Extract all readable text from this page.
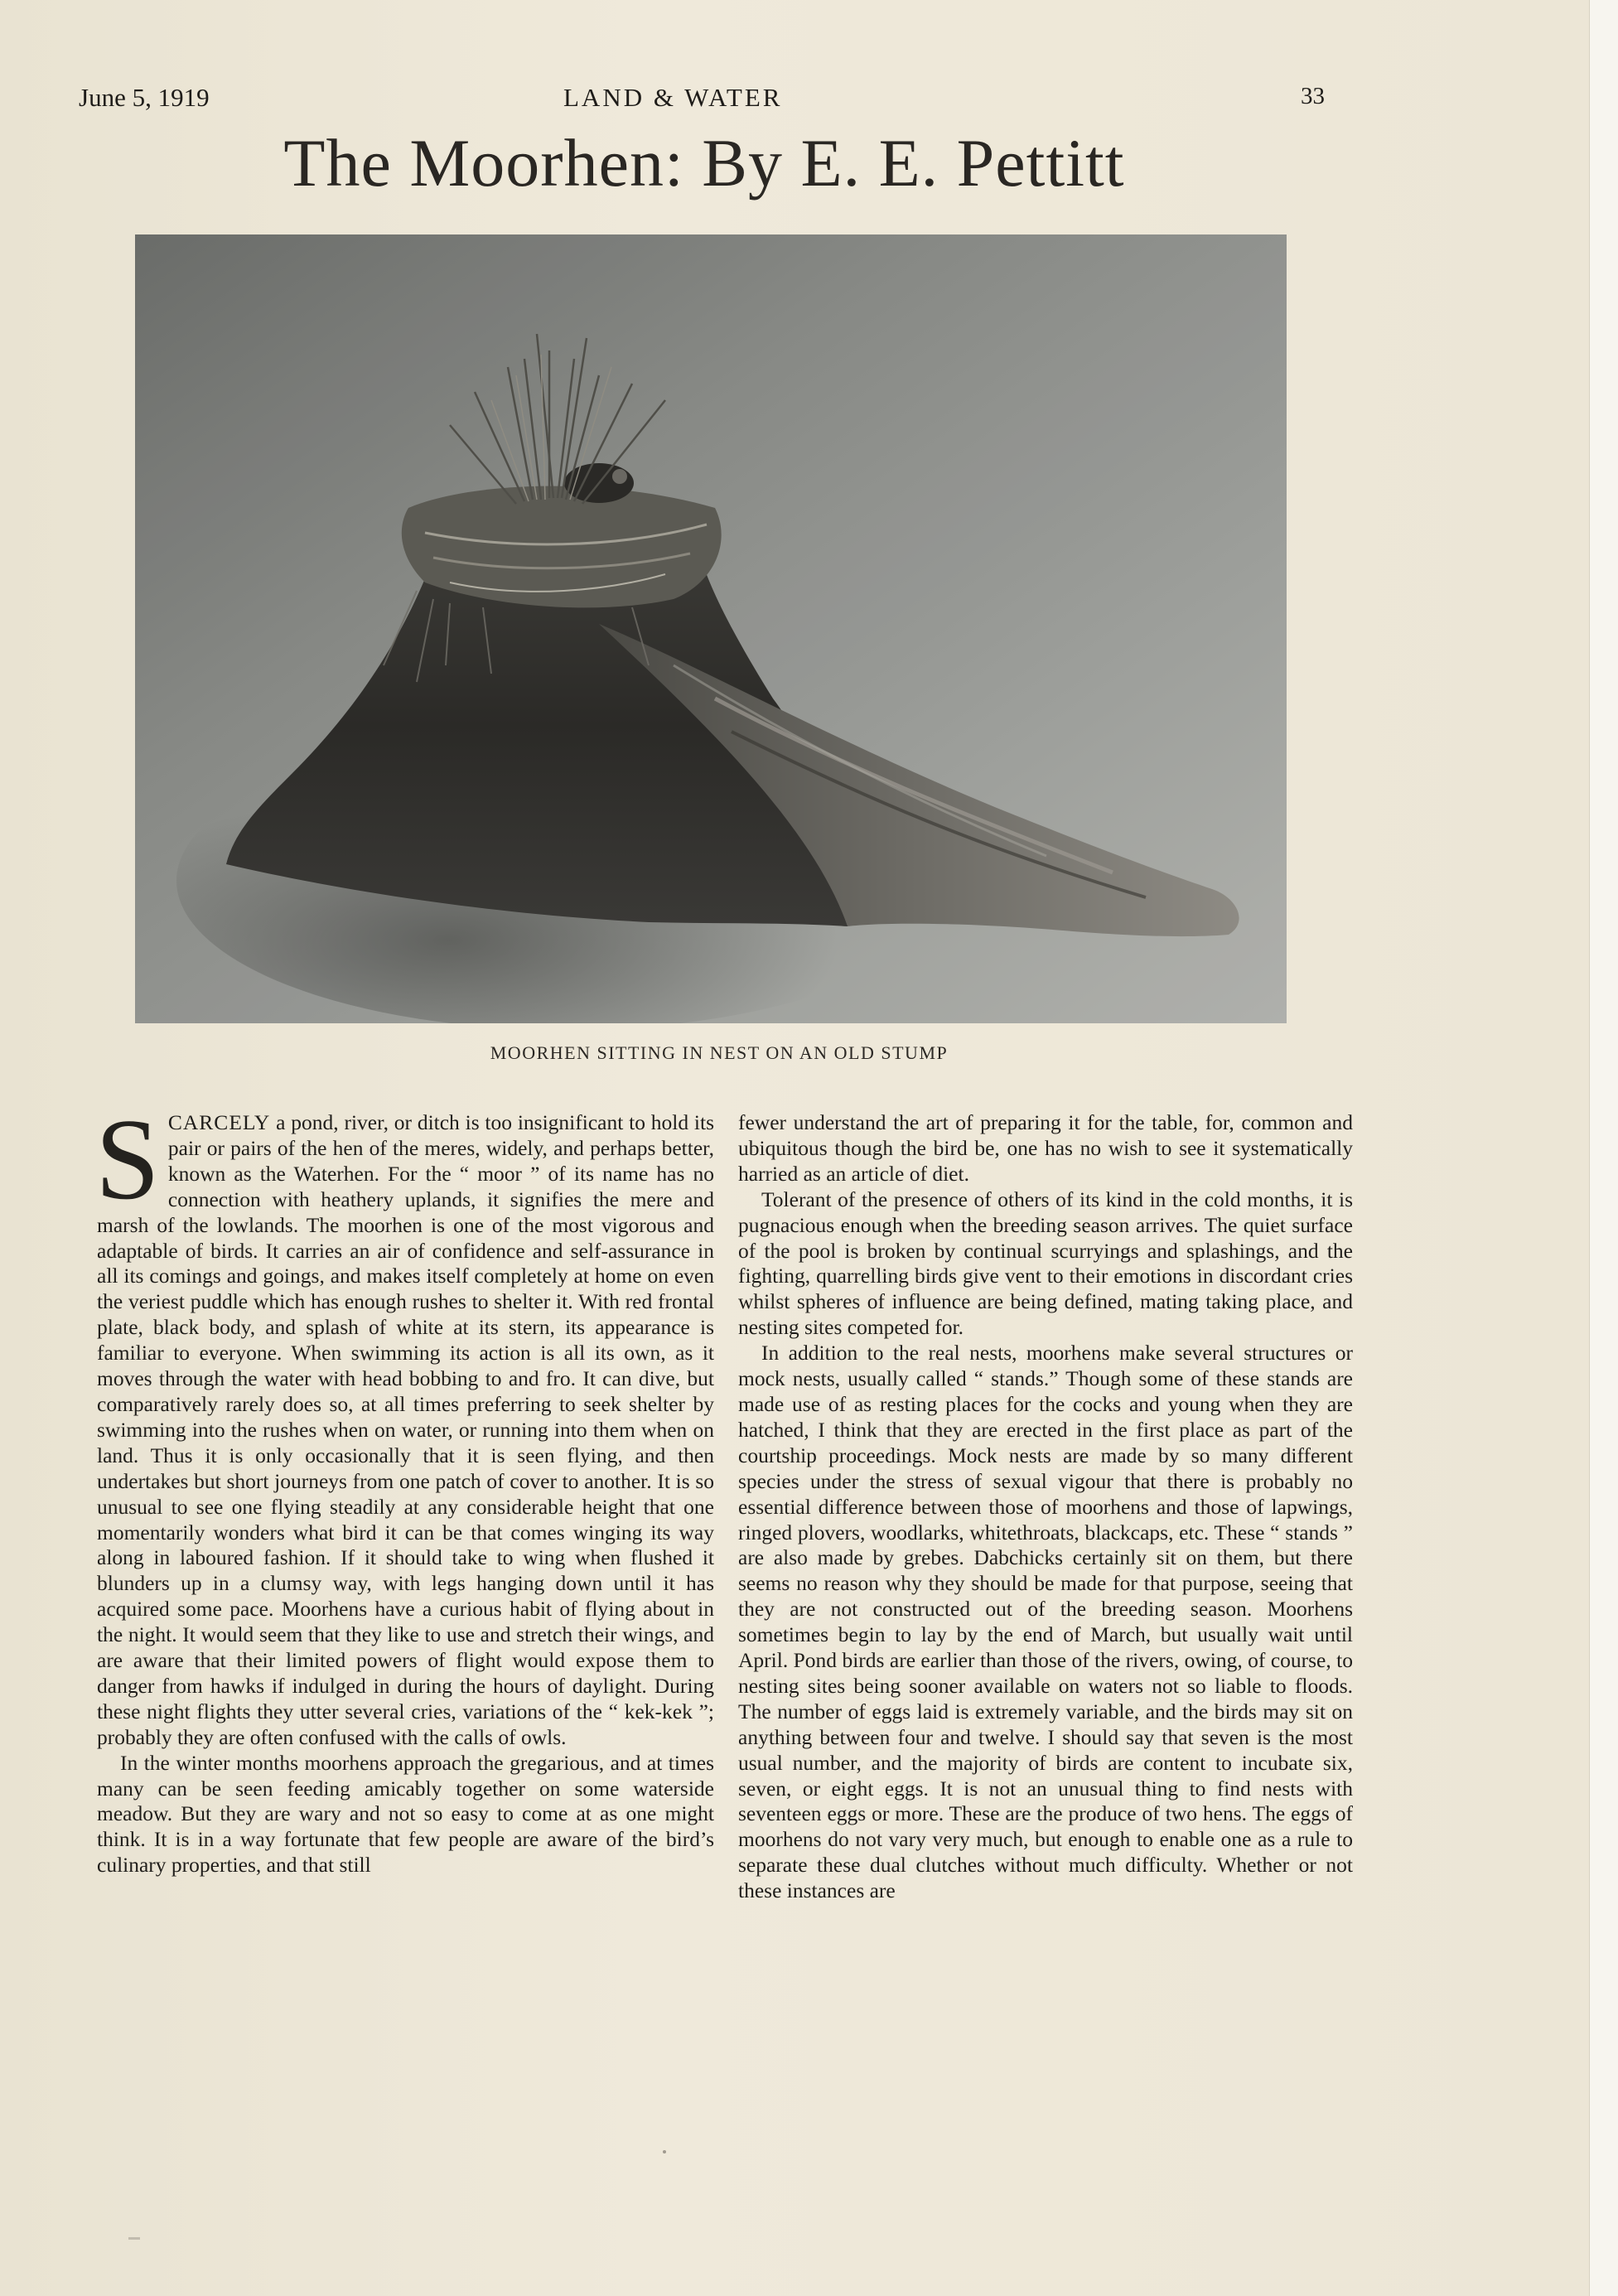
June 5, 1919	LAND & WATER	33
The Moorhen: By E. E. Pettitt
MOORHEN SITTING IN NEST ON AN OLD STUMP

SCARCELY a pond, river, or ditch is too insignificant to hold its pair or pairs of the hen of the meres, widely, and perhaps better, known as the Waterhen. For the “ moor ” of its name has no connection with heathery uplands, it signifies the mere and marsh of the lowlands. The moorhen is one of the most vigorous and adaptable of birds. It carries an air of confidence and self-assurance in all its comings and goings, and makes itself completely at home on even the veriest puddle which has enough rushes to shelter it. With red frontal plate, black body, and splash of white at its stern, its appearance is familiar to everyone. When swimming its action is all its own, as it moves through the water with head bobbing to and fro. It can dive, but comparatively rarely does so, at all times preferring to seek shelter by swimming into the rushes when on water, or running into them when on land. Thus it is only occasionally that it is seen flying, and then undertakes but short journeys from one patch of cover to another. It is so unusual to see one flying steadily at any considerable height that one momentarily wonders what bird it can be that comes winging its way along in laboured fashion. If it should take to wing when flushed it blunders up in a clumsy way, with legs hanging down until it has acquired some pace. Moorhens have a curious habit of flying about in the night. It would seem that they like to use and stretch their wings, and are aware that their limited powers of flight would expose them to danger from hawks if indulged in during the hours of daylight. During these night flights they utter several cries, variations of the “ kek-kek ”; probably they are often confused with the calls of owls.

In the winter months moorhens approach the gregarious, and at times many can be seen feeding amicably together on some waterside meadow. But they are wary and not so easy to come at as one might think. It is in a way fortunate that few people are aware of the bird’s culinary properties, and that still

fewer understand the art of preparing it for the table, for, common and ubiquitous though the bird be, one has no wish to see it systematically harried as an article of diet.

Tolerant of the presence of others of its kind in the cold months, it is pugnacious enough when the breeding season arrives. The quiet surface of the pool is broken by continual scurryings and splashings, and the fighting, quarrelling birds give vent to their emotions in discordant cries whilst spheres of influence are being defined, mating taking place, and nesting sites competed for.

In addition to the real nests, moorhens make several structures or mock nests, usually called “ stands.” Though some of these stands are made use of as resting places for the cocks and young when they are hatched, I think that they are erected in the first place as part of the courtship proceedings. Mock nests are made by so many different species under the stress of sexual vigour that there is probably no essential difference between those of moorhens and those of lapwings, ringed plovers, woodlarks, whitethroats, blackcaps, etc. These “ stands ” are also made by grebes. Dabchicks certainly sit on them, but there seems no reason why they should be made for that purpose, seeing that they are not constructed out of the breeding season. Moorhens sometimes begin to lay by the end of March, but usually wait until April. Pond birds are earlier than those of the rivers, owing, of course, to nesting sites being sooner available on waters not so liable to floods. The number of eggs laid is extremely variable, and the birds may sit on anything between four and twelve. I should say that seven is the most usual number, and the majority of birds are content to incubate six, seven, or eight eggs. It is not an unusual thing to find nests with seventeen eggs or more. These are the produce of two hens. The eggs of moorhens do not vary very much, but enough to enable one as a rule to separate these dual clutches without much difficulty. Whether or not these instances are
